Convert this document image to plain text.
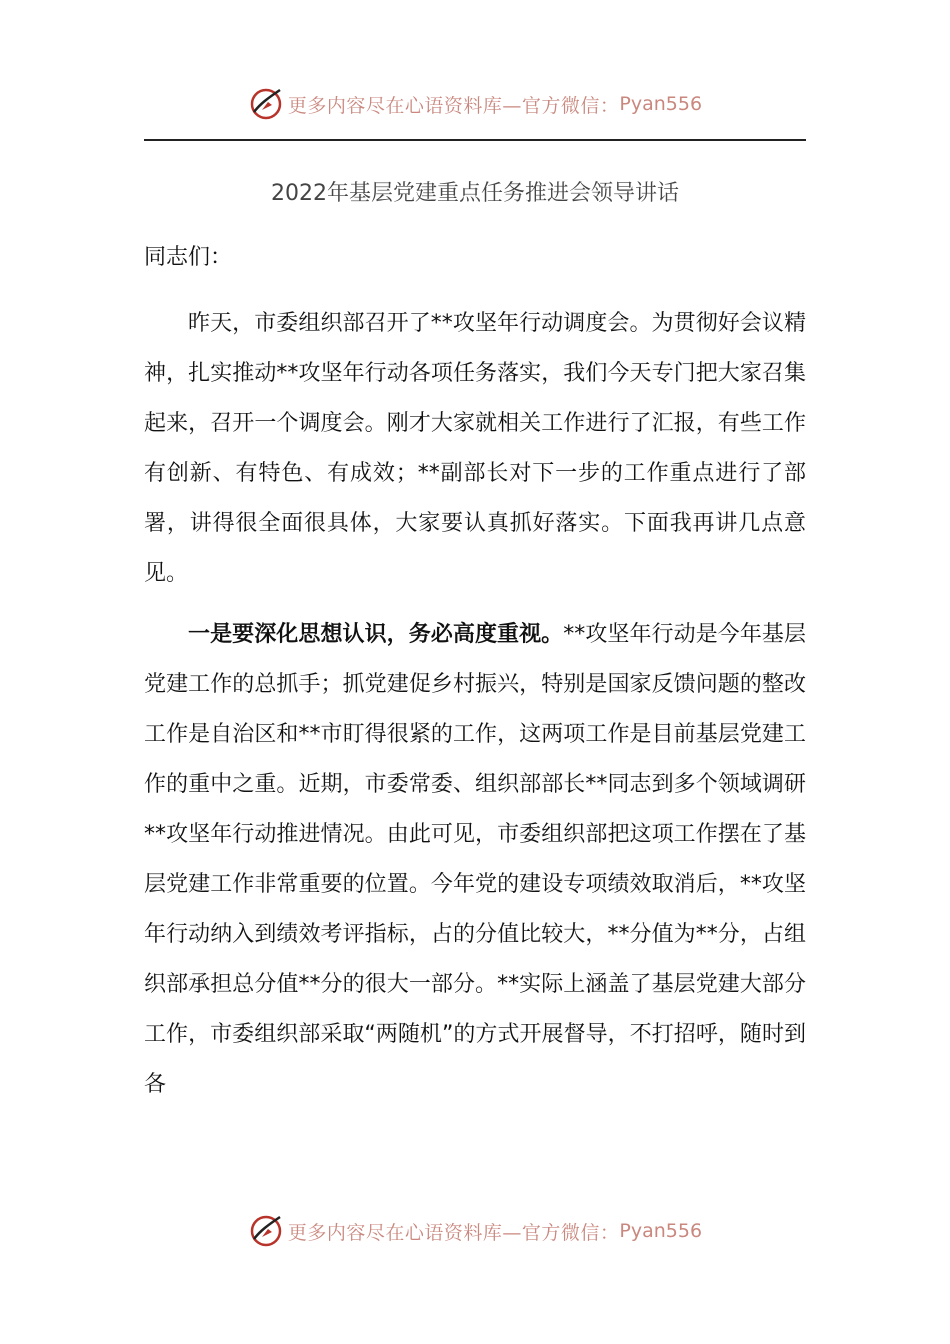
更多内容尽在心语资料库—官方微信： Pyan556
2022年基层党建重点任务推进会领导讲话
同志们：

昨天，市委组织部召开了**攻坚年行动调度会。为贯彻好会议精神，扎实推动**攻坚年行动各项任务落实，我们今天专门把大家召集起来，召开一个调度会。刚才大家就相关工作进行了汇报，有些工作有创新、有特色、有成效；**副部长对下一步的工作重点进行了部署，讲得很全面很具体，大家要认真抓好落实。下面我再讲几点意见。

一是要深化思想认识，务必高度重视。**攻坚年行动是今年基层党建工作的总抓手；抓党建促乡村振兴，特别是国家反馈问题的整改工作是自治区和**市盯得很紧的工作，这两项工作是目前基层党建工作的重中之重。近期，市委常委、组织部部长**同志到多个领域调研**攻坚年行动推进情况。由此可见，市委组织部把这项工作摆在了基层党建工作非常重要的位置。今年党的建设专项绩效取消后，**攻坚年行动纳入到绩效考评指标，占的分值比较大，**分值为**分，占组织部承担总分值**分的很大一部分。**实际上涵盖了基层党建大部分工作，市委组织部采取“两随机”的方式开展督导，不打招呼，随时到各

更多内容尽在心语资料库—官方微信： Pyan556
